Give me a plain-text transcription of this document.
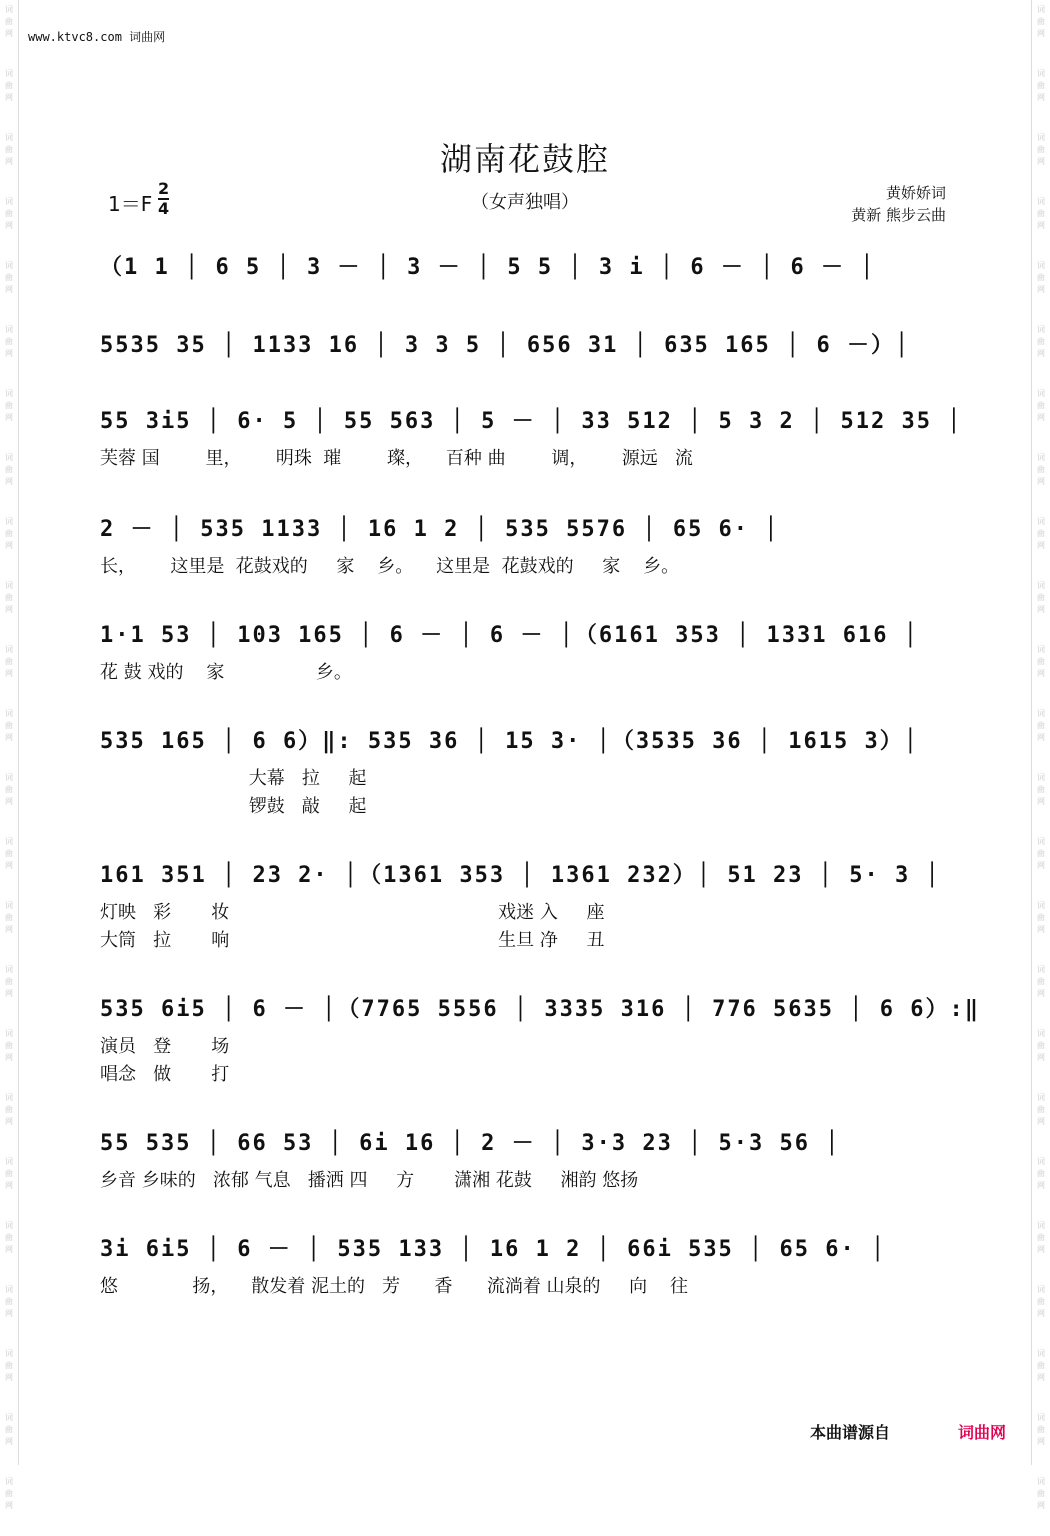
词
曲
网
词
曲
网
词
曲
网
词
曲
网
词
曲
网
词
曲
网
词
曲
网
词
曲
网
词
曲
网
词
曲
网
词
曲
网
词
曲
网
词
曲
网
词
曲
网
词
曲
网
词
曲
网
词
曲
网
词
曲
网
词
曲
网
词
曲
网
词
曲
网
词
曲
网
词
曲
网
词
曲
网
词
曲
网
词
曲
网
词
曲
网
词
曲
网
词
曲
网
词
曲
网
词
曲
网
词
曲
网
词
曲
网
词
曲
网
词
曲
网
词
曲
网
词
曲
网
词
曲
网
词
曲
网
词
曲
网
词
曲
网
词
曲
网
词
曲
网
词
曲
网
词
曲
网
词
曲
网
词
曲
网
词
曲
网
www.ktvc8.com 词曲网
湖南花鼓腔
$1=F \frac{2}{4}$	（女声独唱）	黄娇娇词
黄新 熊步云曲
（1 1 │ 6 5 │ 3 － │ 3 － │ 5 5 │ 3 i │ 6 － │ 6 － │
5535 35 │ 1133 16 │ 3 3 5 │ 656 31 │ 635 165 │ 6 －）│
55 3i5 │ 6· 5 │ 55 563 │ 5 － │ 33 512 │ 5 3 2 │ 512 35 │
芙蓉 国        里，      明珠  璀        璨，    百种 曲        调，      源远   流
2 － │ 535 1133 │ 16 1 2 │ 535 5576 │ 65 6· │
长，      这里是  花鼓戏的     家    乡。    这里是  花鼓戏的     家    乡。
1·1 53 │ 103 165 │ 6 － │ 6 － │（6161 353 │ 1331 616 │
花 鼓 戏的    家                乡。
535 165 │ 6 6）‖: 535 36 │ 15 3· │（3535 36 │ 1615 3）│
大幕   拉     起
锣鼓   敲     起
161 351 │ 23 2· │（1361 353 │ 1361 232）│ 51 23 │ 5· 3 │
灯映   彩       妆                                               戏迷 入     座
大筒   拉       响                                               生旦 净     丑
535 6i5 │ 6 － │（7765 5556 │ 3335 316 │ 776 5635 │ 6 6）:‖
演员   登       场
唱念   做       打
55 535 │ 66 53 │ 6i 16 │ 2 － │ 3·3 23 │ 5·3 56 │
乡音 乡味的   浓郁 气息   播洒 四     方       潇湘 花鼓     湘韵 悠扬
3i 6i5 │ 6 － │ 535 133 │ 16 1 2 │ 66i 535 │ 65 6· │
悠             扬，    散发着 泥土的   芳      香      流淌着 山泉的     向    往
本曲谱源自	词曲网
